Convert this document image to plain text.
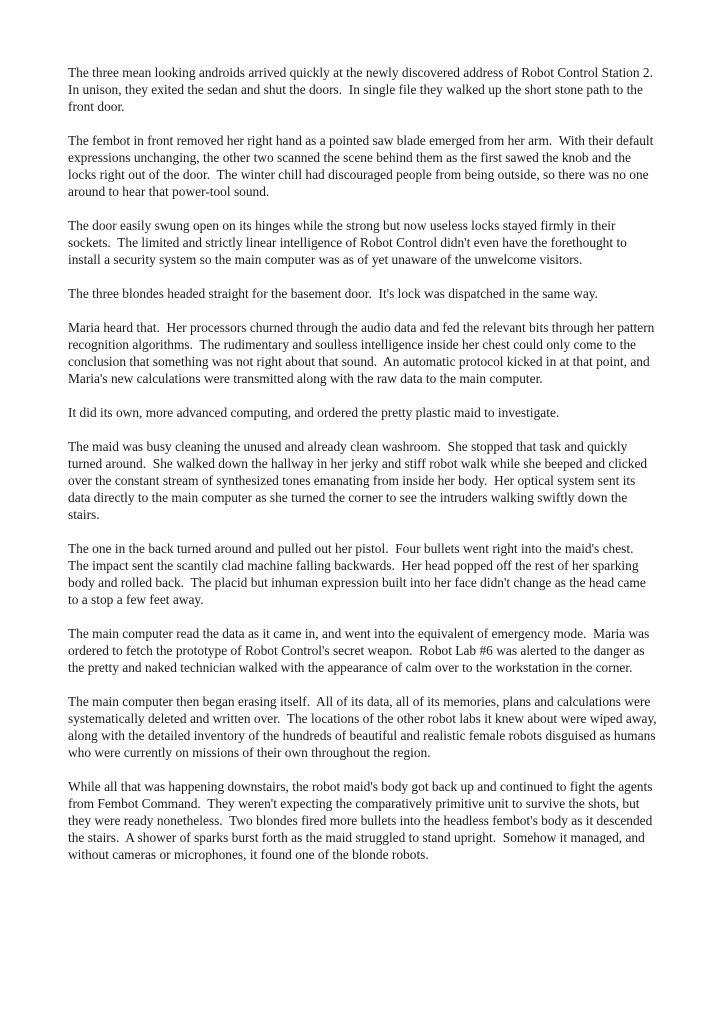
The three mean looking androids arrived quickly at the newly discovered address of Robot Control Station 2.  In unison, they exited the sedan and shut the doors.  In single file they walked up the short stone path to the front door.

The fembot in front removed her right hand as a pointed saw blade emerged from her arm.  With their default expressions unchanging, the other two scanned the scene behind them as the first sawed the knob and the locks right out of the door.  The winter chill had discouraged people from being outside, so there was no one around to hear that power-tool sound.

The door easily swung open on its hinges while the strong but now useless locks stayed firmly in their sockets.  The limited and strictly linear intelligence of Robot Control didn't even have the forethought to install a security system so the main computer was as of yet unaware of the unwelcome visitors.

The three blondes headed straight for the basement door.  It's lock was dispatched in the same way.

Maria heard that.  Her processors churned through the audio data and fed the relevant bits through her pattern recognition algorithms.  The rudimentary and soulless intelligence inside her chest could only come to the conclusion that something was not right about that sound.  An automatic protocol kicked in at that point, and Maria's new calculations were transmitted along with the raw data to the main computer.

It did its own, more advanced computing, and ordered the pretty plastic maid to investigate.

The maid was busy cleaning the unused and already clean washroom.  She stopped that task and quickly turned around.  She walked down the hallway in her jerky and stiff robot walk while she beeped and clicked over the constant stream of synthesized tones emanating from inside her body.  Her optical system sent its data directly to the main computer as she turned the corner to see the intruders walking swiftly down the stairs.

The one in the back turned around and pulled out her pistol.  Four bullets went right into the maid's chest.  The impact sent the scantily clad machine falling backwards.  Her head popped off the rest of her sparking body and rolled back.  The placid but inhuman expression built into her face didn't change as the head came to a stop a few feet away.

The main computer read the data as it came in, and went into the equivalent of emergency mode.  Maria was ordered to fetch the prototype of Robot Control's secret weapon.  Robot Lab #6 was alerted to the danger as the pretty and naked technician walked with the appearance of calm over to the workstation in the corner.

The main computer then began erasing itself.  All of its data, all of its memories, plans and calculations were systematically deleted and written over.  The locations of the other robot labs it knew about were wiped away, along with the detailed inventory of the hundreds of beautiful and realistic female robots disguised as humans who were currently on missions of their own throughout the region.

While all that was happening downstairs, the robot maid's body got back up and continued to fight the agents from Fembot Command.  They weren't expecting the comparatively primitive unit to survive the shots, but they were ready nonetheless.  Two blondes fired more bullets into the headless fembot's body as it descended the stairs.  A shower of sparks burst forth as the maid struggled to stand upright.  Somehow it managed, and without cameras or microphones, it found one of the blonde robots.
